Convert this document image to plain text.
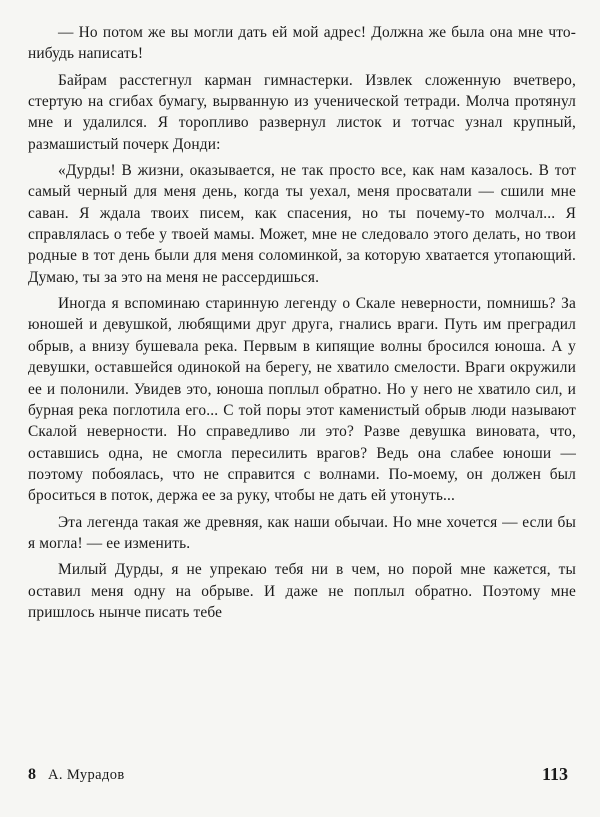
— Но потом же вы могли дать ей мой адрес! Должна же была она мне что-нибудь написать!

Байрам расстегнул карман гимнастерки. Извлек сложенную вчетверо, стертую на сгибах бумагу, вырванную из ученической тетради. Молча протянул мне и удалился. Я торопливо развернул листок и тотчас узнал крупный, размашистый почерк Донди:

«Дурды! В жизни, оказывается, не так просто все, как нам казалось. В тот самый черный для меня день, когда ты уехал, меня просватали — сшили мне саван. Я ждала твоих писем, как спасения, но ты почему-то молчал... Я справлялась о тебе у твоей мамы. Может, мне не следовало этого делать, но твои родные в тот день были для меня соломинкой, за которую хватается утопающий. Думаю, ты за это на меня не рассердишься.

Иногда я вспоминаю старинную легенду о Скале неверности, помнишь? За юношей и девушкой, любящими друг друга, гнались враги. Путь им преградил обрыв, а внизу бушевала река. Первым в кипящие волны бросился юноша. А у девушки, оставшейся одинокой на берегу, не хватило смелости. Враги окружили ее и полонили. Увидев это, юноша поплыл обратно. Но у него не хватило сил, и бурная река поглотила его... С той поры этот каменистый обрыв люди называют Скалой неверности. Но справедливо ли это? Разве девушка виновата, что, оставшись одна, не смогла пересилить врагов? Ведь она слабее юноши — поэтому побоялась, что не справится с волнами. По-моему, он должен был броситься в поток, держа ее за руку, чтобы не дать ей утонуть...

Эта легенда такая же древняя, как наши обычаи. Но мне хочется — если бы я могла! — ее изменить.

Милый Дурды, я не упрекаю тебя ни в чем, но порой мне кажется, ты оставил меня одну на обрыве. И даже не поплыл обратно. Поэтому мне пришлось нынче писать тебе

8 А. Мурадов	113
